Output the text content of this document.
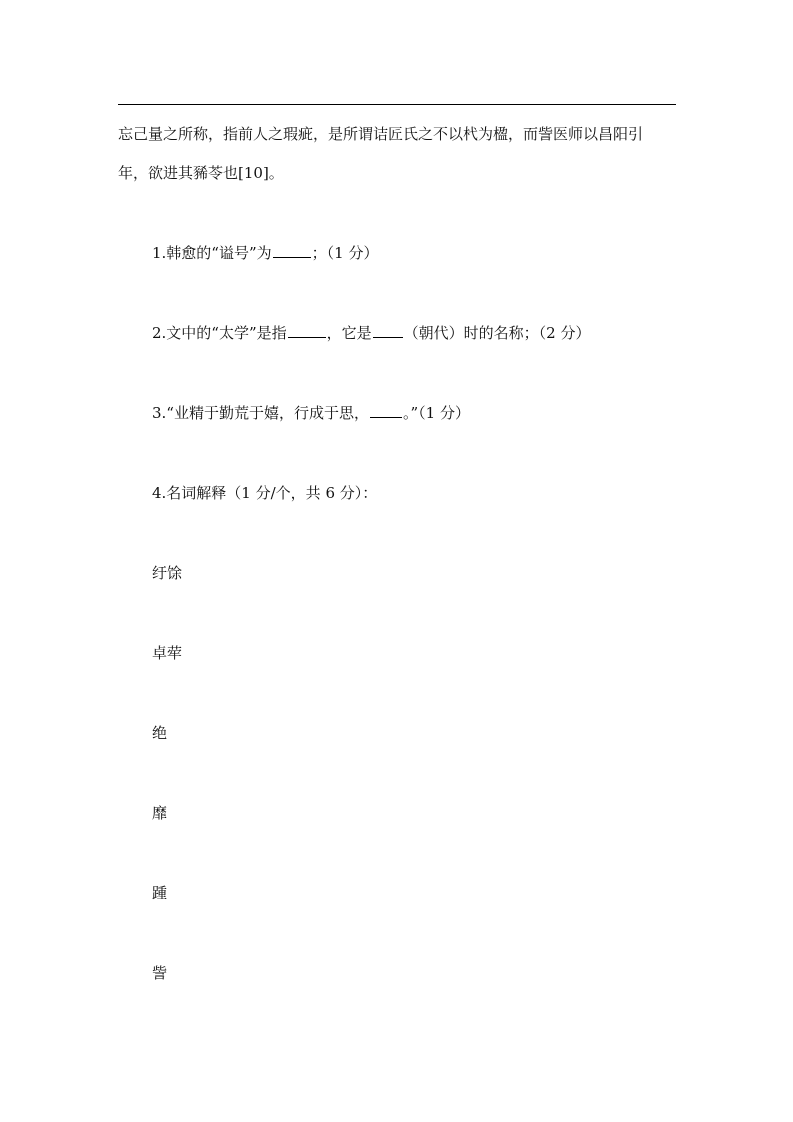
忘己量之所称，指前人之瑕疵，是所谓诘匠氏之不以杙为楹，而訾医师以昌阳引
年，欲进其豨苓也[10]。
1.韩愈的“谥号”为	；（1 分）
2.文中的“太学”是指	，它是 （朝代）时的名称；（2 分）
3.“业精于勤荒于嬉，行成于思， 。”（1 分）
4.名词解释（1 分/个，共 6 分）：
纡馀
卓荦
绝
靡
踵
訾
